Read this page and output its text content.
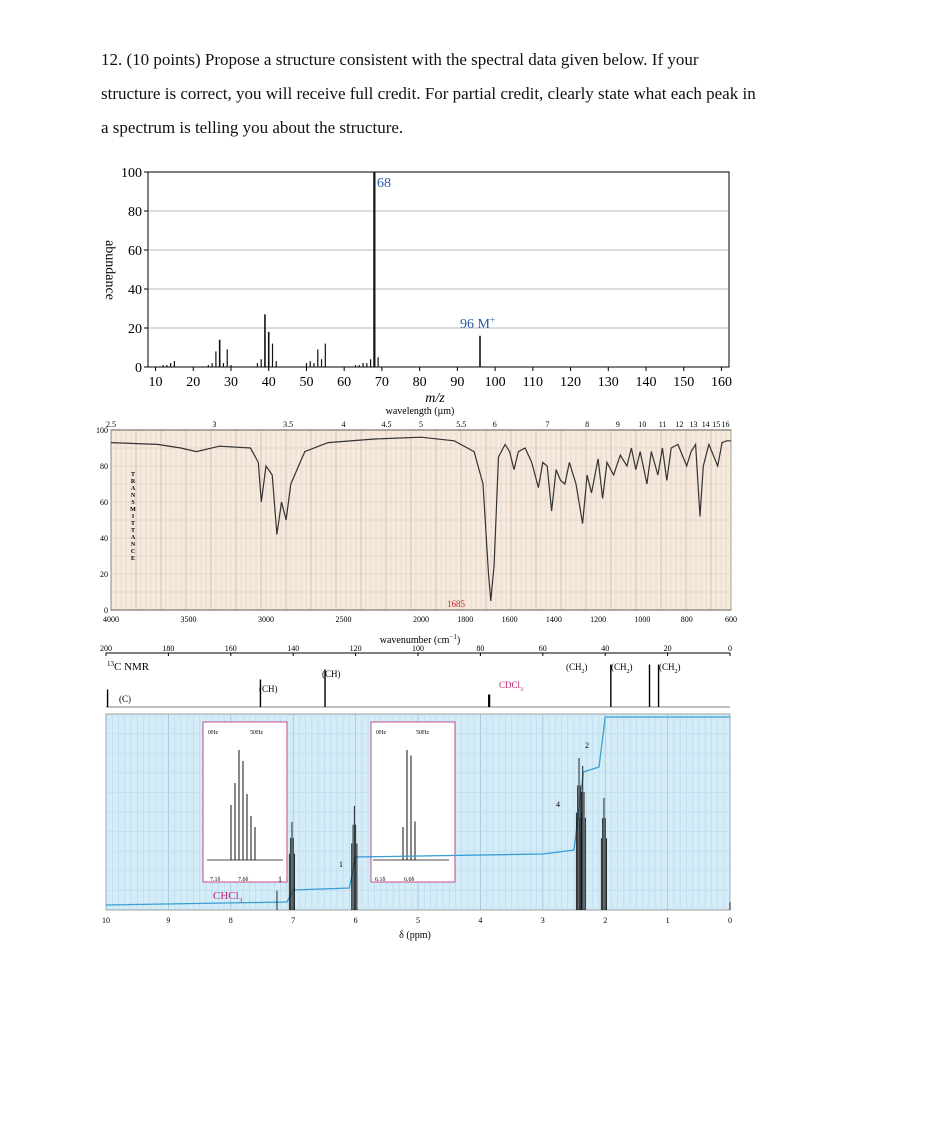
12. (10 points) Propose a structure consistent with the spectral data given below. If your
structure is correct, you will receive full credit. For partial credit, clearly state what each peak in
a spectrum is telling you about the structure.
0
20
40
60
80
100
10 20 30 40 50 60 70 80 90 100 110 120 130 140 150 160
abundance
m/z
68
96 M+
4000	3500	3000	2500	2000	1800	1600	1400	1200	1000	800	600
2.5	3	3.5	4	4.5	5	5.5	6	7	8	9 10 11 12 13 14 15 16
100
80
60
40
20
0
wavelength (µm)
wavenumber $(cm^{-1})$
1685
T
R
A
N
S
M
I
T
T
A
N
C
E
200	180	160	140	120	100	80	60	40	20	0
$^{13}$C NMR
(C)
(CH)
(CH)
CDCl$_3$
$(CH_2)$	$(CH_2)$	$(CH_2)$
10	9	8	7	6	5	4	3	2	1	0
0Hz	50Hz
7.1δ	7.0δ
0Hz	50Hz
6.1δ	6.0δ
CHCl$_3$
1
1
4
2
δ (ppm)
